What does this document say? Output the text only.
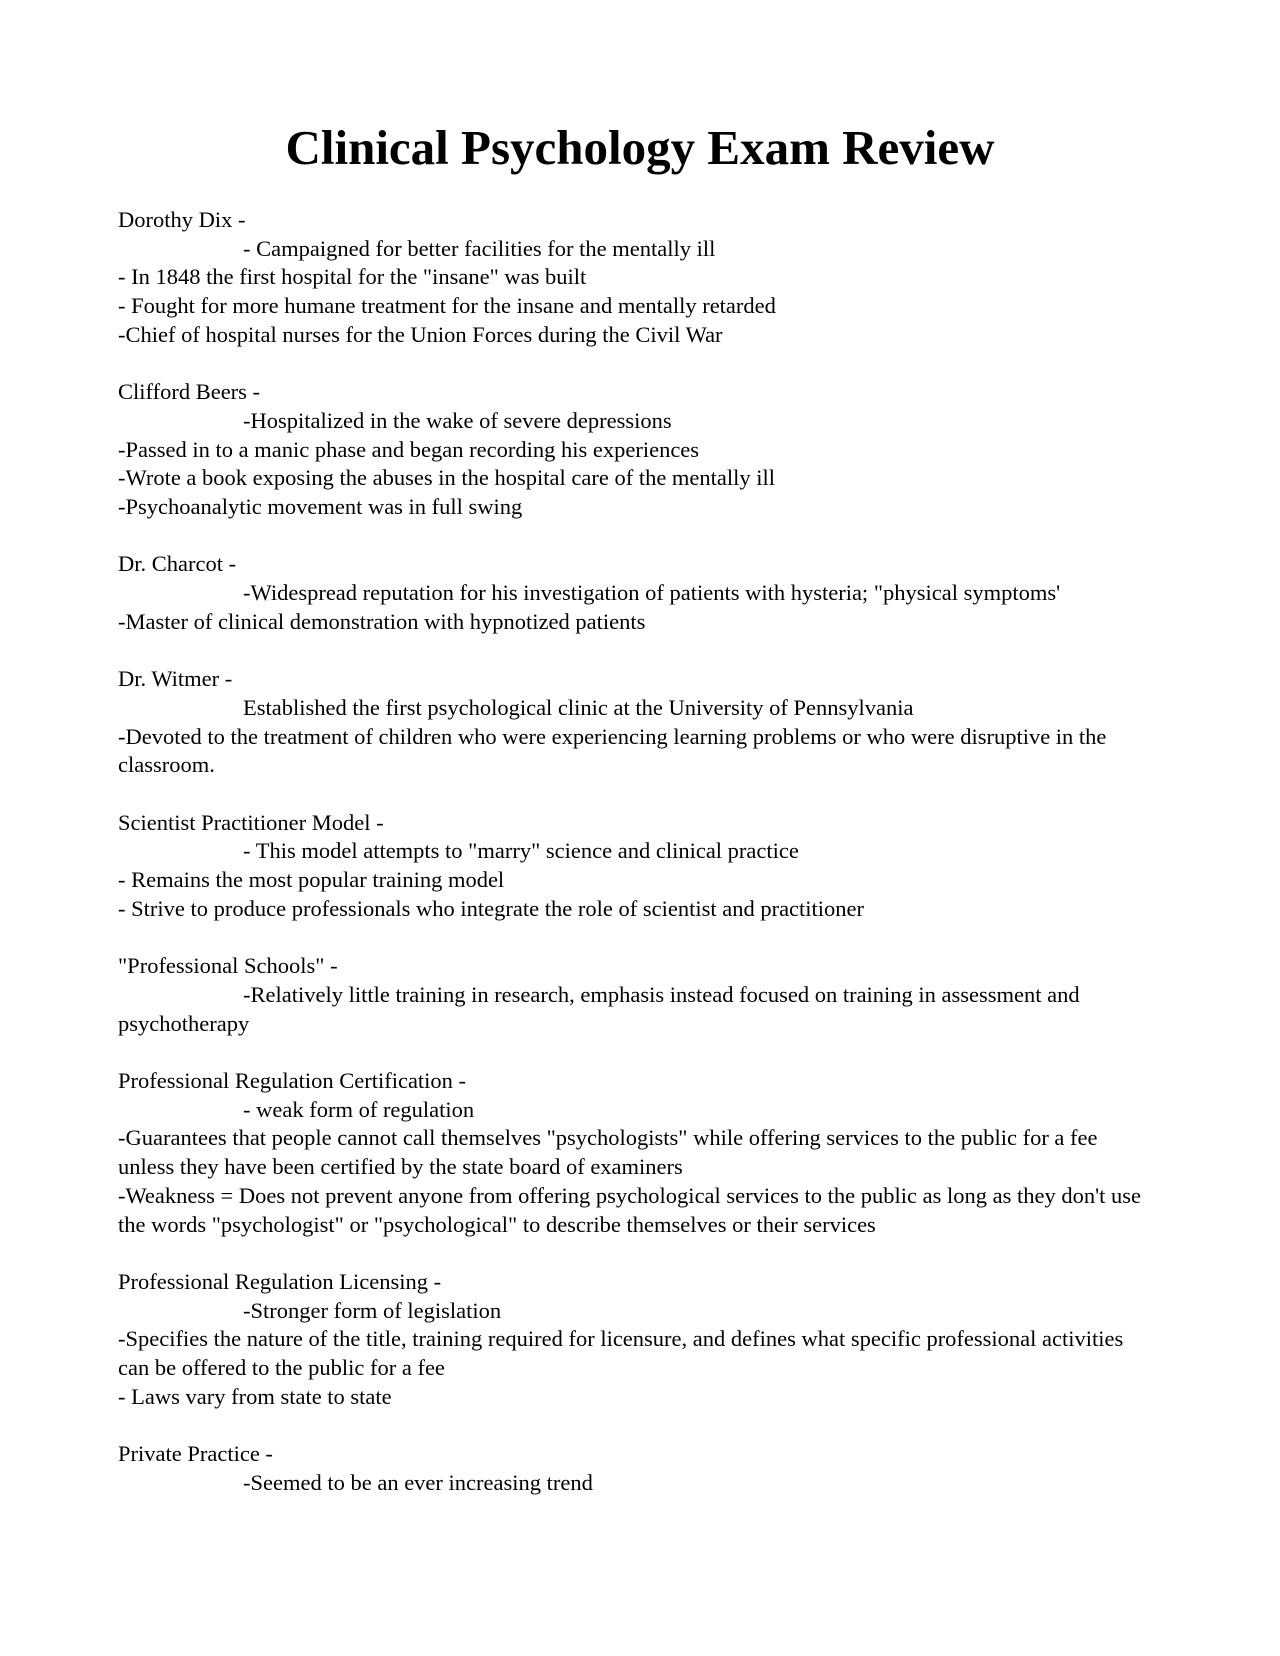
Clinical Psychology Exam Review
Dorothy Dix -
- Campaigned for better facilities for the mentally ill
- In 1848 the first hospital for the "insane" was built
- Fought for more humane treatment for the insane and mentally retarded
-Chief of hospital nurses for the Union Forces during the Civil War
Clifford Beers -
-Hospitalized in the wake of severe depressions
-Passed in to a manic phase and began recording his experiences
-Wrote a book exposing the abuses in the hospital care of the mentally ill
-Psychoanalytic movement was in full swing
Dr. Charcot -
-Widespread reputation for his investigation of patients with hysteria; "physical symptoms'
-Master of clinical demonstration with hypnotized patients
Dr. Witmer -
Established the first psychological clinic at the University of Pennsylvania
-Devoted to the treatment of children who were experiencing learning problems or who were disruptive in the classroom.
Scientist Practitioner Model -
- This model attempts to "marry" science and clinical practice
- Remains the most popular training model
- Strive to produce professionals who integrate the role of scientist and practitioner
"Professional Schools" -
-Relatively little training in research, emphasis instead focused on training in assessment and psychotherapy
Professional Regulation Certification -
- weak form of regulation
-Guarantees that people cannot call themselves "psychologists" while offering services to the public for a fee unless they have been certified by the state board of examiners
-Weakness = Does not prevent anyone from offering psychological services to the public as long as they don't use the words "psychologist" or "psychological" to describe themselves or their services
Professional Regulation Licensing -
-Stronger form of legislation
-Specifies the nature of the title, training required for licensure, and defines what specific professional activities can be offered to the public for a fee
- Laws vary from state to state
Private Practice -
-Seemed to be an ever increasing trend
